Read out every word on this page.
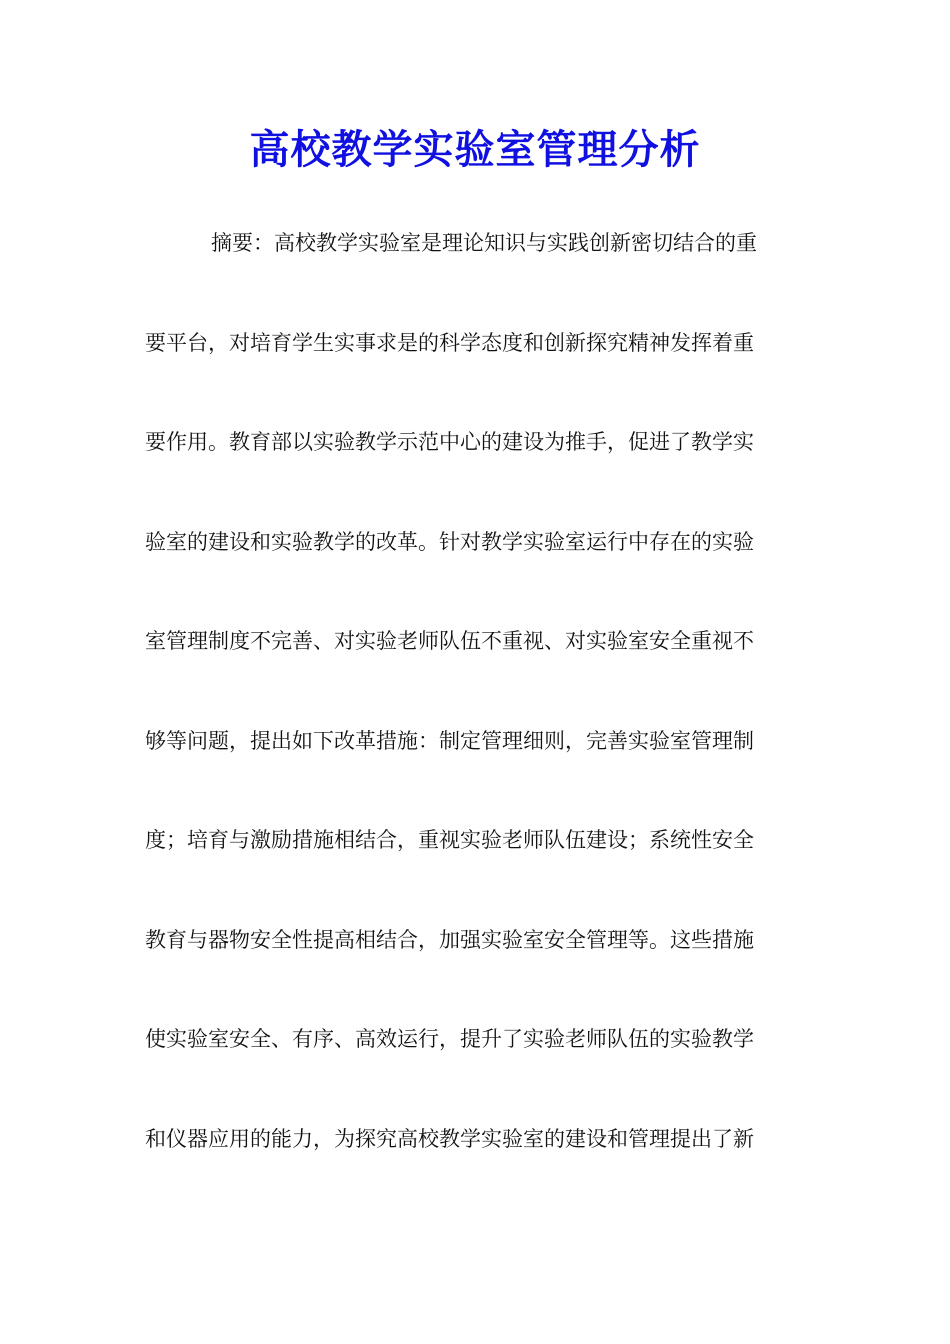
高校教学实验室管理分析
摘要：高校教学实验室是理论知识与实践创新密切结合的重
要平台，对培育学生实事求是的科学态度和创新探究精神发挥着重
要作用。教育部以实验教学示范中心的建设为推手，促进了教学实
验室的建设和实验教学的改革。针对教学实验室运行中存在的实验
室管理制度不完善、对实验老师队伍不重视、对实验室安全重视不
够等问题，提出如下改革措施：制定管理细则，完善实验室管理制
度；培育与激励措施相结合，重视实验老师队伍建设；系统性安全
教育与器物安全性提高相结合，加强实验室安全管理等。这些措施
使实验室安全、有序、高效运行，提升了实验老师队伍的实验教学
和仪器应用的能力，为探究高校教学实验室的建设和管理提出了新
